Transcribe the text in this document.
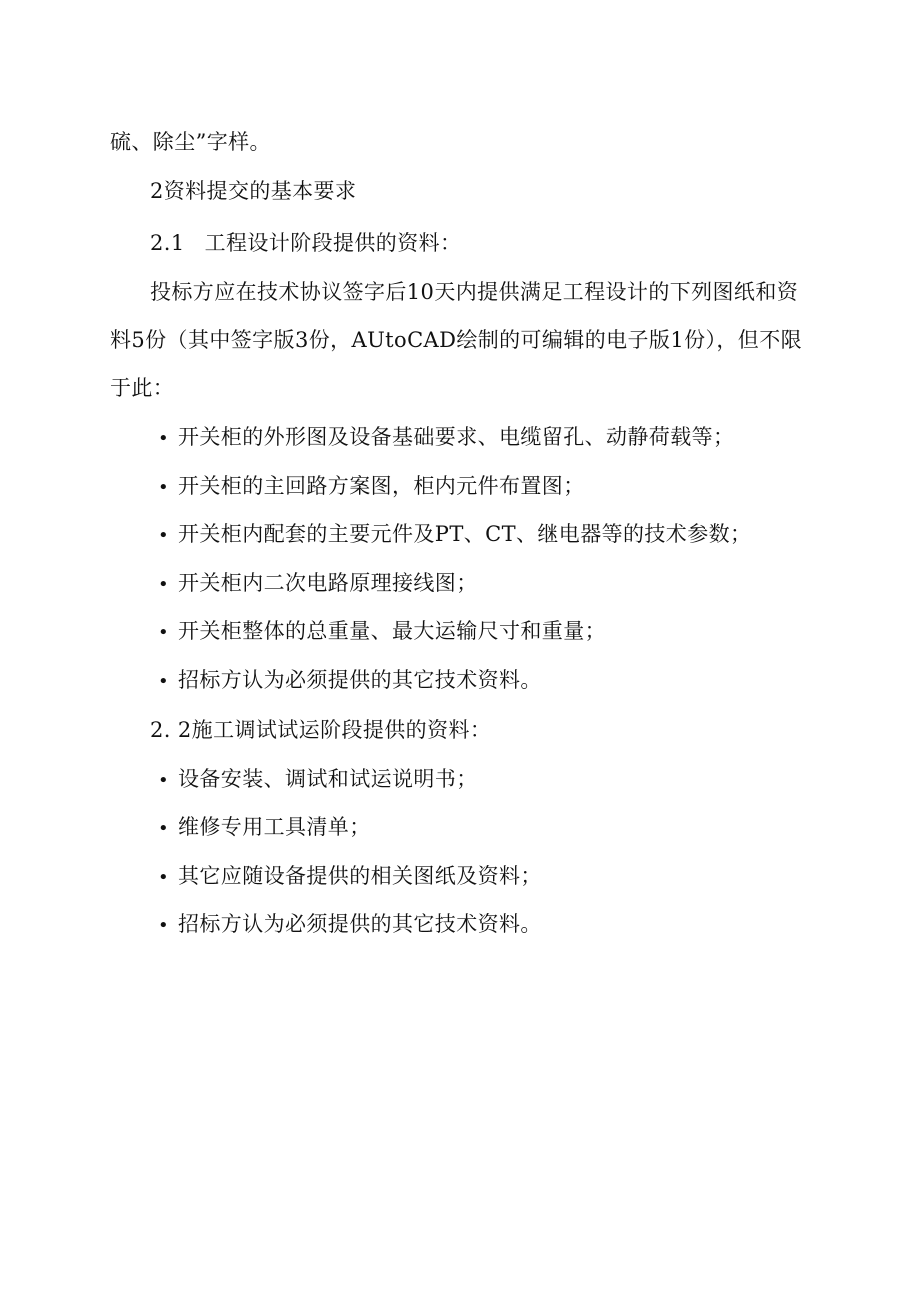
硫、除尘”字样。
2资料提交的基本要求
2.1 工程设计阶段提供的资料：
投标方应在技术协议签字后10天内提供满足工程设计的下列图纸和资
料5份（其中签字版3份，AUtoCAD绘制的可编辑的电子版1份），但不限
于此：
• 开关柜的外形图及设备基础要求、电缆留孔、动静荷载等；
• 开关柜的主回路方案图，柜内元件布置图；
• 开关柜内配套的主要元件及PT、CT、继电器等的技术参数；
• 开关柜内二次电路原理接线图；
• 开关柜整体的总重量、最大运输尺寸和重量；
• 招标方认为必须提供的其它技术资料。
2. 2施工调试试运阶段提供的资料：
• 设备安装、调试和试运说明书；
• 维修专用工具清单；
• 其它应随设备提供的相关图纸及资料；
• 招标方认为必须提供的其它技术资料。
